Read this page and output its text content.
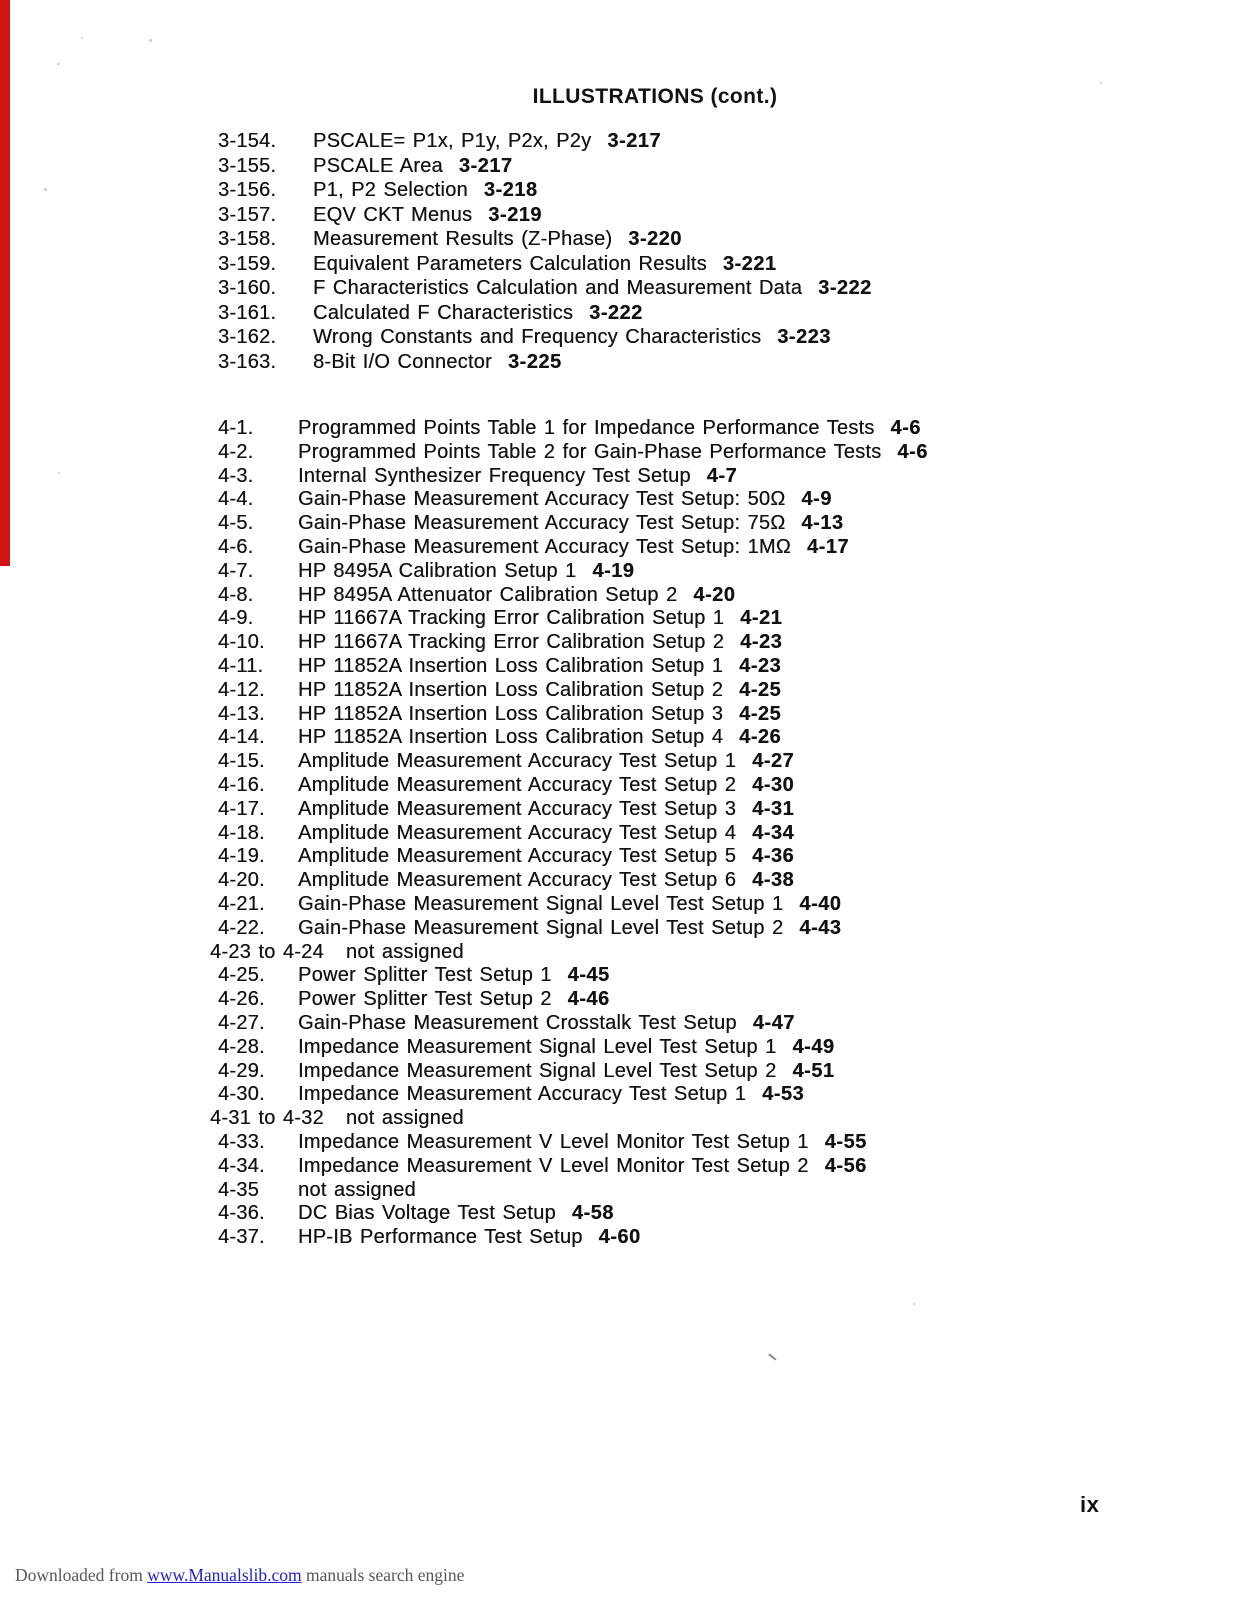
ILLUSTRATIONS (cont.)
3-154. PSCALE= P1x, P1y, P2x, P2y 3-217
3-155. PSCALE Area 3-217
3-156. P1, P2 Selection 3-218
3-157. EQV CKT Menus 3-219
3-158. Measurement Results (Z-Phase) 3-220
3-159. Equivalent Parameters Calculation Results 3-221
3-160. F Characteristics Calculation and Measurement Data 3-222
3-161. Calculated F Characteristics 3-222
3-162. Wrong Constants and Frequency Characteristics 3-223
3-163. 8-Bit I/O Connector 3-225
4-1. Programmed Points Table 1 for Impedance Performance Tests 4-6
4-2. Programmed Points Table 2 for Gain-Phase Performance Tests 4-6
4-3. Internal Synthesizer Frequency Test Setup 4-7
4-4. Gain-Phase Measurement Accuracy Test Setup: 50Ω 4-9
4-5. Gain-Phase Measurement Accuracy Test Setup: 75Ω 4-13
4-6. Gain-Phase Measurement Accuracy Test Setup: 1MΩ 4-17
4-7. HP 8495A Calibration Setup 1 4-19
4-8. HP 8495A Attenuator Calibration Setup 2 4-20
4-9. HP 11667A Tracking Error Calibration Setup 1 4-21
4-10. HP 11667A Tracking Error Calibration Setup 2 4-23
4-11. HP 11852A Insertion Loss Calibration Setup 1 4-23
4-12. HP 11852A Insertion Loss Calibration Setup 2 4-25
4-13. HP 11852A Insertion Loss Calibration Setup 3 4-25
4-14. HP 11852A Insertion Loss Calibration Setup 4 4-26
4-15. Amplitude Measurement Accuracy Test Setup 1 4-27
4-16. Amplitude Measurement Accuracy Test Setup 2 4-30
4-17. Amplitude Measurement Accuracy Test Setup 3 4-31
4-18. Amplitude Measurement Accuracy Test Setup 4 4-34
4-19. Amplitude Measurement Accuracy Test Setup 5 4-36
4-20. Amplitude Measurement Accuracy Test Setup 6 4-38
4-21. Gain-Phase Measurement Signal Level Test Setup 1 4-40
4-22. Gain-Phase Measurement Signal Level Test Setup 2 4-43
4-23 to 4-24 not assigned
4-25. Power Splitter Test Setup 1 4-45
4-26. Power Splitter Test Setup 2 4-46
4-27. Gain-Phase Measurement Crosstalk Test Setup 4-47
4-28. Impedance Measurement Signal Level Test Setup 1 4-49
4-29. Impedance Measurement Signal Level Test Setup 2 4-51
4-30. Impedance Measurement Accuracy Test Setup 1 4-53
4-31 to 4-32 not assigned
4-33. Impedance Measurement V Level Monitor Test Setup 1 4-55
4-34. Impedance Measurement V Level Monitor Test Setup 2 4-56
4-35 not assigned
4-36. DC Bias Voltage Test Setup 4-58
4-37. HP-IB Performance Test Setup 4-60
ix
Downloaded from www.Manualslib.com manuals search engine
